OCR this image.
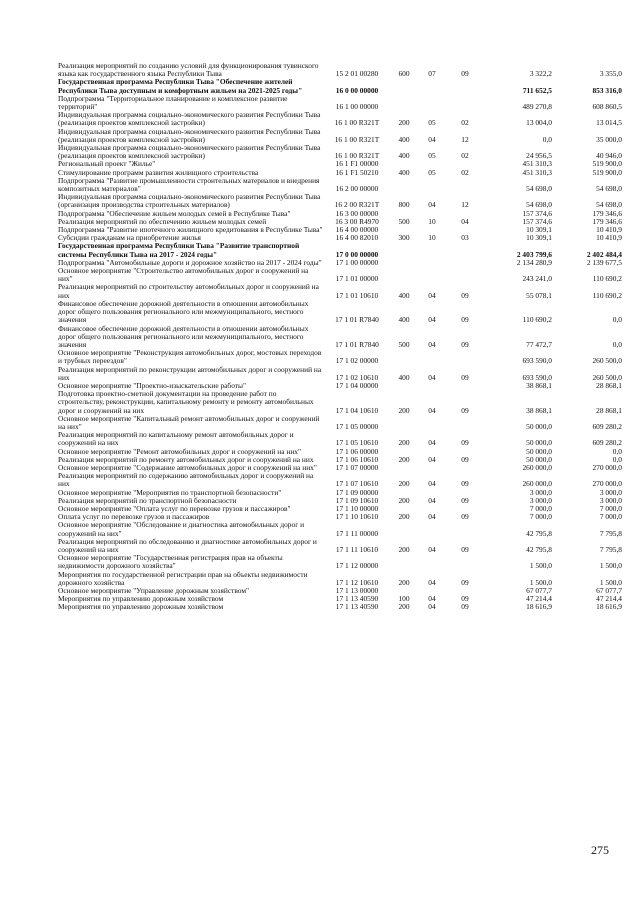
Реализация мероприятий по созданию условий для функционирования тувинского языка как государственного языка Республики Тыва	15 2 01 00280	600	07	09	3 322,2	3 355,0
Государственная программа Республики Тыва "Обеспечение жителей Республики Тыва доступным и комфортным жильем на 2021-2025 годы"	16 0 00 00000				711 652,5	853 316,0
Подпрограмма "Территориальное планирование и комплексное развитие территорий"	16 1 00 00000				489 270,8	608 860,5
Индивидуальная программа социально-экономического развития Республики Тыва (реализация проектов комплексной застройки)	16 1 00 R321T	200	05	02	13 004,0	13 014,5
Индивидуальная программа социально-экономического развития Республики Тыва (реализация проектов комплексной застройки)	16 1 00 R321T	400	04	12	0,0	35 000,0
Индивидуальная программа социально-экономического развития Республики Тыва (реализация проектов комплексной застройки)	16 1 00 R321T	400	05	02	24 956,5	40 946,0
Региональный проект "Жилье"	16 1 F1 00000				451 310,3	519 900,0
Стимулирование программ развития жилищного строительства	16 1 F1 50210	400	05	02	451 310,3	519 900,0
Подпрограмма "Развитие промышленности строительных материалов и внедрения композитных материалов"	16 2 00 00000				54 698,0	54 698,0
Индивидуальная программа социально-экономического развития Республики Тыва (организация производства строительных материалов)	16 2 00 R321T	800	04	12	54 698,0	54 698,0
Подпрограмма "Обеспечение жильем молодых семей в Республике Тыва"	16 3 00 00000				157 374,6	179 346,6
Реализация мероприятий по обеспечению жильем молодых семей	16 3 00 R4970	500	10	04	157 374,6	179 346,6
Подпрограмма "Развитие ипотечного жилищного кредитования в Республике Тыва"	16 4 00 00000				10 309,1	10 410,9
Субсидии гражданам на приобретение жилья	16 4 00 82010	300	10	03	10 309,1	10 410,9
Государственная программа Республики Тыва "Развитие транспортной системы Республики Тыва на 2017 - 2024 годы"	17 0 00 00000				2 403 799,6	2 402 484,4
Подпрограмма "Автомобильные дороги и дорожное хозяйство на 2017 - 2024 годы"	17 1 00 00000				2 134 280,9	2 139 677,5
Основное мероприятие "Строительство автомобильных дорог и сооружений на них"	17 1 01 00000				243 241,0	110 690,2
Реализация мероприятий по строительству автомобильных дорог и сооружений на них	17 1 01 10610	400	04	09	55 078,1	110 690,2
Финансовое обеспечение дорожной деятельности в отношении автомобильных дорог общего пользования регионального или межмуниципального, местного значения	17 1 01 R7840	400	04	09	110 690,2	0,0
Финансовое обеспечение дорожной деятельности в отношении автомобильных дорог общего пользования регионального или межмуниципального, местного значения	17 1 01 R7840	500	04	09	77 472,7	0,0
Основное мероприятие "Реконструкция автомобильных дорог, мостовых переходов и трубных переездов"	17 1 02 00000				693 590,0	260 500,0
Реализация мероприятий по реконструкции автомобильных дорог и сооружений на них	17 1 02 10610	400	04	09	693 590,0	260 500,0
Основное мероприятие "Проектно-изыскательские работы"	17 1 04 00000				38 868,1	28 868,1
Подготовка проектно-сметной документации на проведение работ по строительству, реконструкции, капитальному ремонту и ремонту автомобильных дорог и сооружений на них	17 1 04 10610	200	04	09	38 868,1	28 868,1
Основное мероприятие "Капитальный ремонт автомобильных дорог и сооружений на них"	17 1 05 00000				50 000,0	609 280,2
Реализация мероприятий по капитальному ремонт автомобильных дорог и сооружений на них	17 1 05 10610	200	04	09	50 000,0	609 280,2
Основное мероприятие "Ремонт автомобильных дорог и сооружений на них"	17 1 06 00000				50 000,0	0,0
Реализация мероприятий по ремонту автомобильных дорог и сооружений на них	17 1 06 10610	200	04	09	50 000,0	0,0
Основное мероприятие "Содержание автомобильных дорог и сооружений на них"	17 1 07 00000				260 000,0	270 000,0
Реализация мероприятий по содержанию автомобильных дорог и сооружений на них	17 1 07 10610	200	04	09	260 000,0	270 000,0
Основное мероприятие "Мероприятия по транспортной безопасности"	17 1 09 00000				3 000,0	3 000,0
Реализация мероприятий по транспортной безопасности	17 1 09 10610	200	04	09	3 000,0	3 000,0
Основное мероприятие "Оплата услуг по перевозке грузов и пассажиров"	17 1 10 00000				7 000,0	7 000,0
Оплата услуг по перевозке грузов и пассажиров	17 1 10 10610	200	04	09	7 000,0	7 000,0
Основное мероприятие "Обследование и диагностика автомобильных дорог и сооружений на них"	17 1 11 00000				42 795,8	7 795,8
Реализация мероприятий по обследованию и диагностике автомобильных дорог и сооружений на них	17 1 11 10610	200	04	09	42 795,8	7 795,8
Основное мероприятие "Государственная регистрация прав на объекты недвижимости дорожного хозяйства"	17 1 12 00000				1 500,0	1 500,0
Мероприятия по государственной регистрации прав на объекты недвижимости дорожного хозяйства	17 1 12 10610	200	04	09	1 500,0	1 500,0
Основное мероприятие "Управление дорожным хозяйством"	17 1 13 00000				67 077,7	67 077,7
Мероприятия по управлению дорожным хозяйством	17 1 13 40590	100	04	09	47 214,4	47 214,4
Мероприятия по управлению дорожным хозяйством	17 1 13 40590	200	04	09	18 616,9	18 616,9
275
